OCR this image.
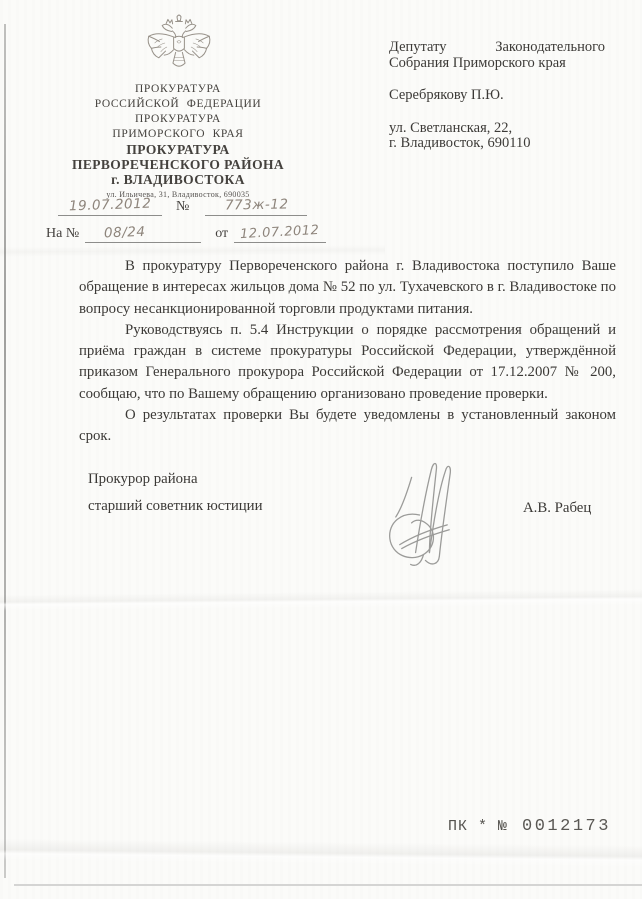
ПРОКУРАТУРА
РОССИЙСКОЙ ФЕДЕРАЦИИ
ПРОКУРАТУРА
ПРИМОРСКОГО КРАЯ
ПРОКУРАТУРА
ПЕРВОРЕЧЕНСКОГО РАЙОНА
г. ВЛАДИВОСТОКА
ул. Ильичева, 31, Владивосток, 690035
19.07.2012	№	773ж-12
На №	08/24	от 12.07.2012
Депутату Законодательного Собрания Приморского края
Серебрякову П.Ю.
ул. Светланская, 22,
г. Владивосток, 690110

В прокуратуру Первореченского района г. Владивостока поступило Ваше обращение в интересах жильцов дома № 52 по ул. Тухачевского в г. Владивостоке по вопросу несанкционированной торговли продуктами питания.

Руководствуясь п. 5.4 Инструкции о порядке рассмотрения обращений и приёма граждан в системе прокуратуры Российской Федерации, утверждённой приказом Генерального прокурора Российской Федерации от 17.12.2007 № 200, сообщаю, что по Вашему обращению организовано проведение проверки.

О результатах проверки Вы будете уведомлены в установленный законом срок.

Прокурор района
старший советник юстиции	А.В. Рабец
ПК * № 0012173
